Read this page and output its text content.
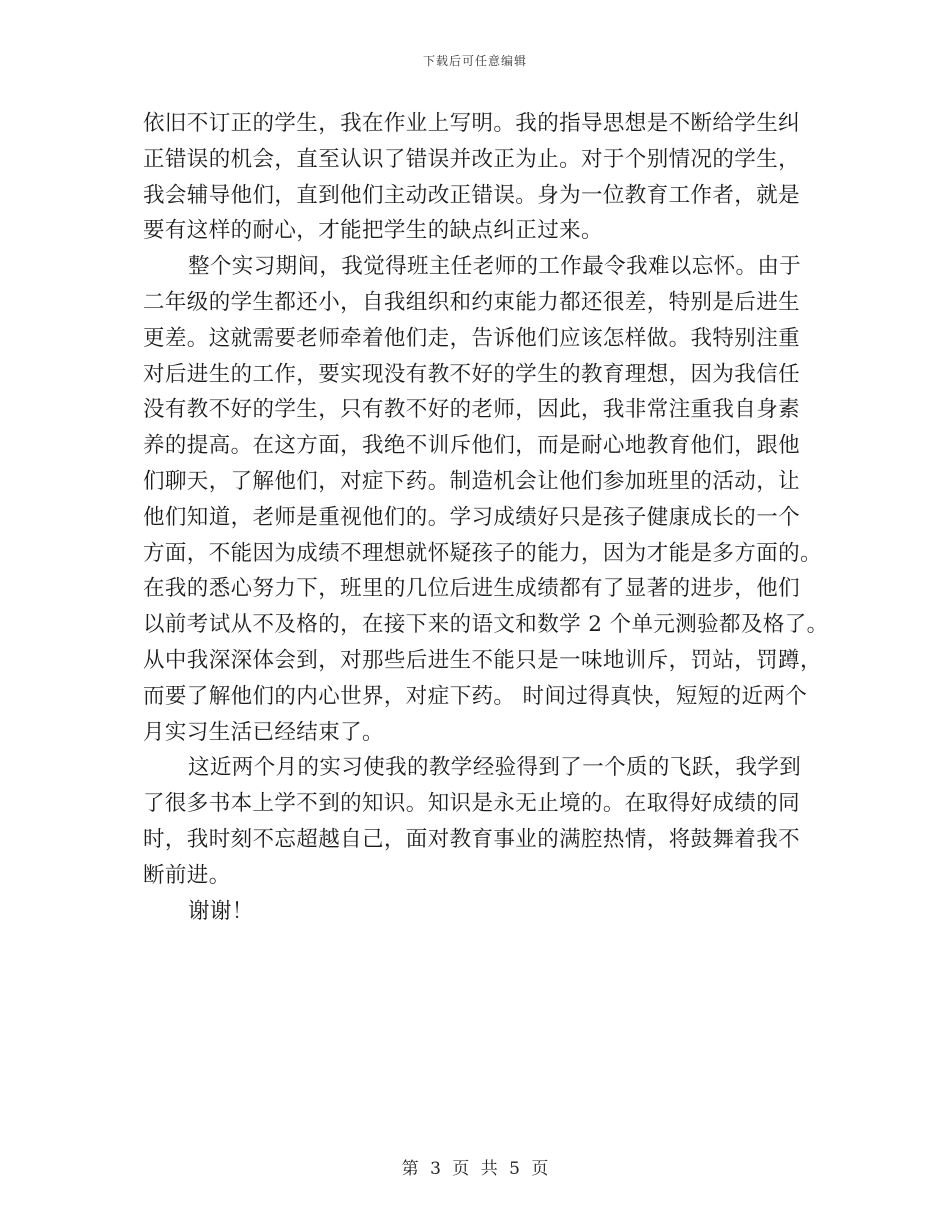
下载后可任意编辑
依旧不订正的学生，我在作业上写明。我的指导思想是不断给学生纠
正错误的机会，直至认识了错误并改正为止。对于个别情况的学生，
我会辅导他们，直到他们主动改正错误。身为一位教育工作者，就是
要有这样的耐心，才能把学生的缺点纠正过来。
整个实习期间，我觉得班主任老师的工作最令我难以忘怀。由于
二年级的学生都还小，自我组织和约束能力都还很差，特别是后进生
更差。这就需要老师牵着他们走，告诉他们应该怎样做。我特别注重
对后进生的工作，要实现没有教不好的学生的教育理想，因为我信任
没有教不好的学生，只有教不好的老师，因此，我非常注重我自身素
养的提高。在这方面，我绝不训斥他们，而是耐心地教育他们，跟他
们聊天，了解他们，对症下药。制造机会让他们参加班里的活动，让
他们知道，老师是重视他们的。学习成绩好只是孩子健康成长的一个
方面，不能因为成绩不理想就怀疑孩子的能力，因为才能是多方面的。
在我的悉心努力下，班里的几位后进生成绩都有了显著的进步，他们
以前考试从不及格的，在接下来的语文和数学 2 个单元测验都及格了。
从中我深深体会到，对那些后进生不能只是一味地训斥，罚站，罚蹲，
而要了解他们的内心世界，对症下药。 时间过得真快，短短的近两个
月实习生活已经结束了。
这近两个月的实习使我的教学经验得到了一个质的飞跃，我学到
了很多书本上学不到的知识。知识是永无止境的。在取得好成绩的同
时，我时刻不忘超越自己，面对教育事业的满腔热情，将鼓舞着我不
断前进。
谢谢！
第 3 页 共 5 页
